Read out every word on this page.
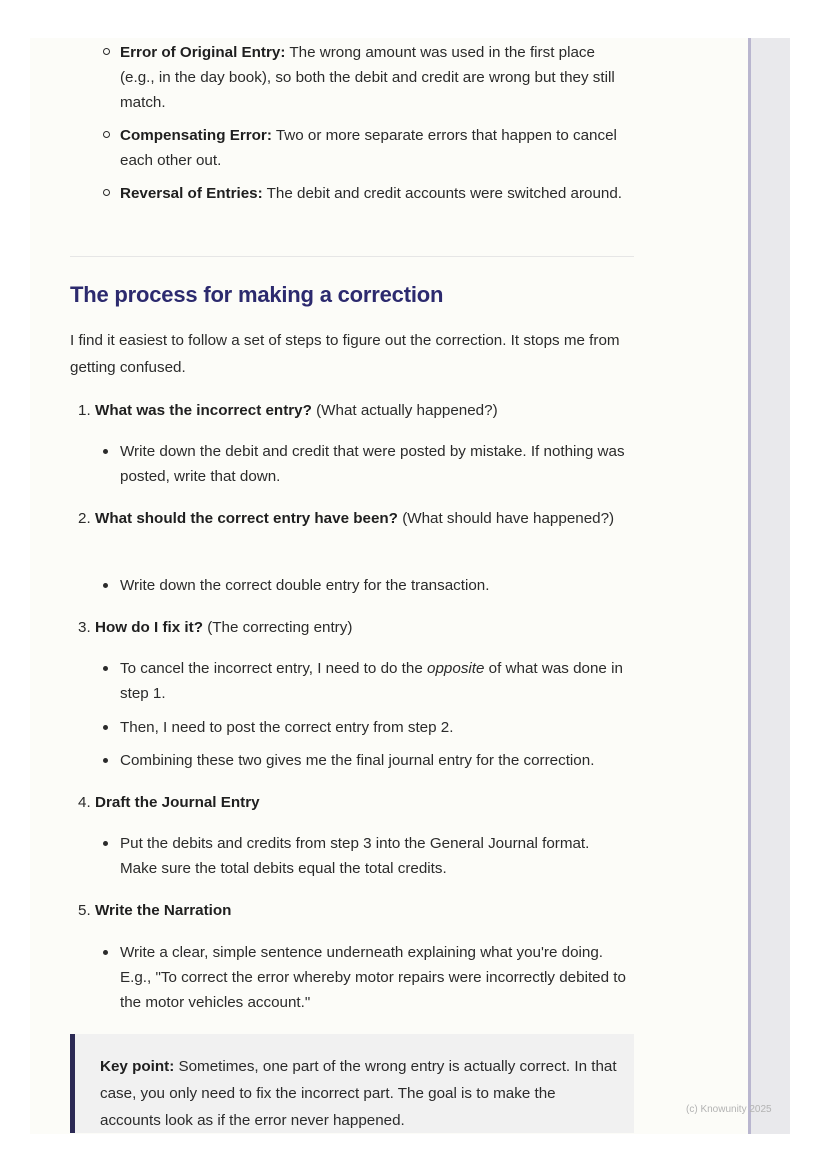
Error of Original Entry: The wrong amount was used in the first place (e.g., in the day book), so both the debit and credit are wrong but they still match.
Compensating Error: Two or more separate errors that happen to cancel each other out.
Reversal of Entries: The debit and credit accounts were switched around.
The process for making a correction
I find it easiest to follow a set of steps to figure out the correction. It stops me from getting confused.
1. What was the incorrect entry? (What actually happened?)
Write down the debit and credit that were posted by mistake. If nothing was posted, write that down.
2. What should the correct entry have been? (What should have happened?)
Write down the correct double entry for the transaction.
3. How do I fix it? (The correcting entry)
To cancel the incorrect entry, I need to do the opposite of what was done in step 1.
Then, I need to post the correct entry from step 2.
Combining these two gives me the final journal entry for the correction.
4. Draft the Journal Entry
Put the debits and credits from step 3 into the General Journal format. Make sure the total debits equal the total credits.
5. Write the Narration
Write a clear, simple sentence underneath explaining what you're doing. E.g., "To correct the error whereby motor repairs were incorrectly debited to the motor vehicles account."
Key point: Sometimes, one part of the wrong entry is actually correct. In that case, you only need to fix the incorrect part. The goal is to make the accounts look as if the error never happened.
(c) Knowunity 2025
